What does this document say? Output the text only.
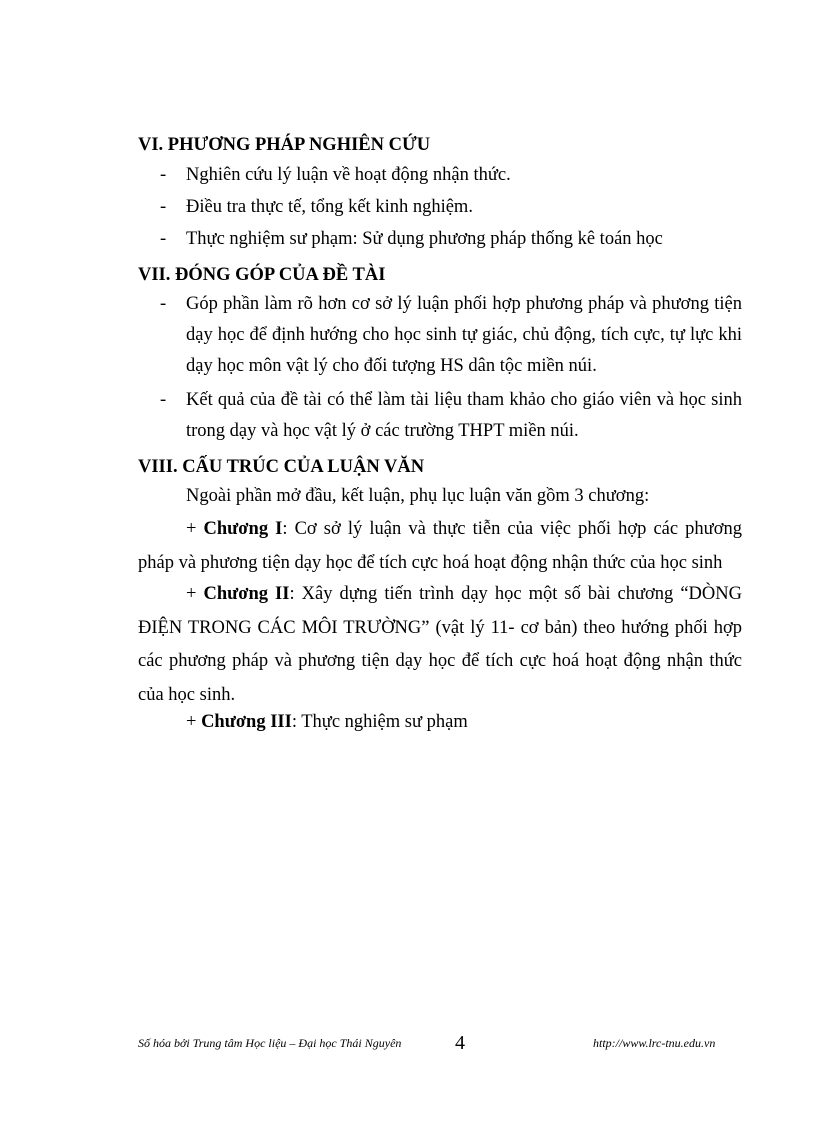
VI. PHƯƠNG PHÁP NGHIÊN CỨU
- Nghiên cứu lý luận về hoạt động nhận thức.
- Điều tra thực tế, tổng kết kinh nghiệm.
- Thực nghiệm sư phạm: Sử dụng phương pháp thống kê toán học
VII. ĐÓNG GÓP CỦA ĐỀ TÀI
- Góp phần làm rõ hơn cơ sở lý luận phối hợp phương pháp và phương tiện dạy học để định hướng cho học sinh tự giác, chủ động, tích cực, tự lực khi dạy học môn vật lý cho đối tượng HS dân tộc miền núi.
- Kết quả của đề tài có thể làm tài liệu tham khảo cho giáo viên và học sinh trong dạy và học vật lý ở các trường THPT miền núi.
VIII. CẤU TRÚC CỦA LUẬN VĂN
Ngoài phần mở đầu, kết luận, phụ lục luận văn gồm 3 chương:
+ Chương I: Cơ sở lý luận và thực tiễn của việc phối hợp các phương pháp và phương tiện dạy học để tích cực hoá hoạt động nhận thức của học sinh
+ Chương II: Xây dựng tiến trình dạy học một số bài chương “DÒNG ĐIỆN TRONG CÁC MÔI TRƯỜNG” (vật lý 11- cơ bản) theo hướng phối hợp các phương pháp và phương tiện dạy học để tích cực hoá hoạt động nhận thức của học sinh.
+ Chương III: Thực nghiệm sư phạm
Số hóa bởi Trung tâm Học liệu – Đại học Thái Nguyên	4	http://www.lrc-tnu.edu.vn
